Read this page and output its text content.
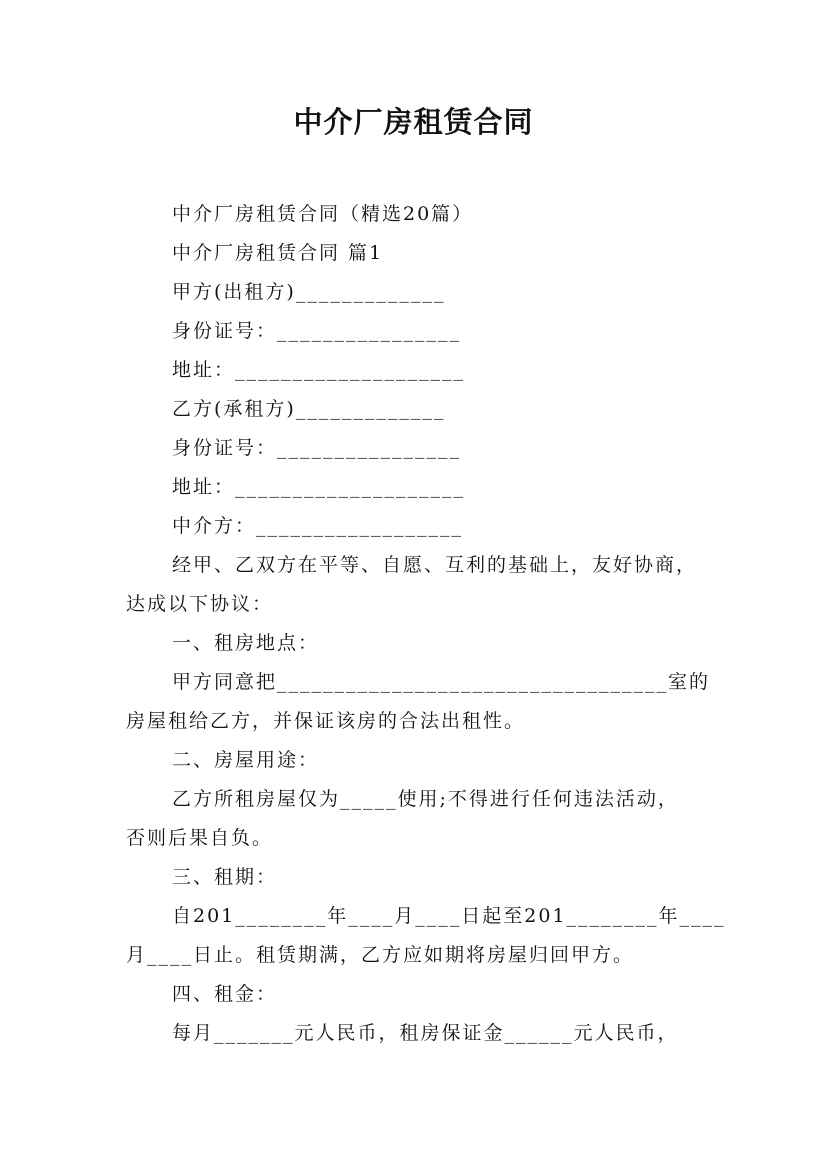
中介厂房租赁合同
中介厂房租赁合同（精选20篇）
中介厂房租赁合同 篇1
甲方(出租方)_____________
身份证号：________________
地址：____________________
乙方(承租方)_____________
身份证号：________________
地址：____________________
中介方：__________________
经甲、乙双方在平等、自愿、互利的基础上，友好协商，
达成以下协议：
一、租房地点：
甲方同意把__________________________________室的
房屋租给乙方，并保证该房的合法出租性。
二、房屋用途：
乙方所租房屋仅为_____使用;不得进行任何违法活动，
否则后果自负。
三、租期：
自201________年____月____日起至201________年____
月____日止。租赁期满，乙方应如期将房屋归回甲方。
四、租金：
每月_______元人民币，租房保证金______元人民币，
